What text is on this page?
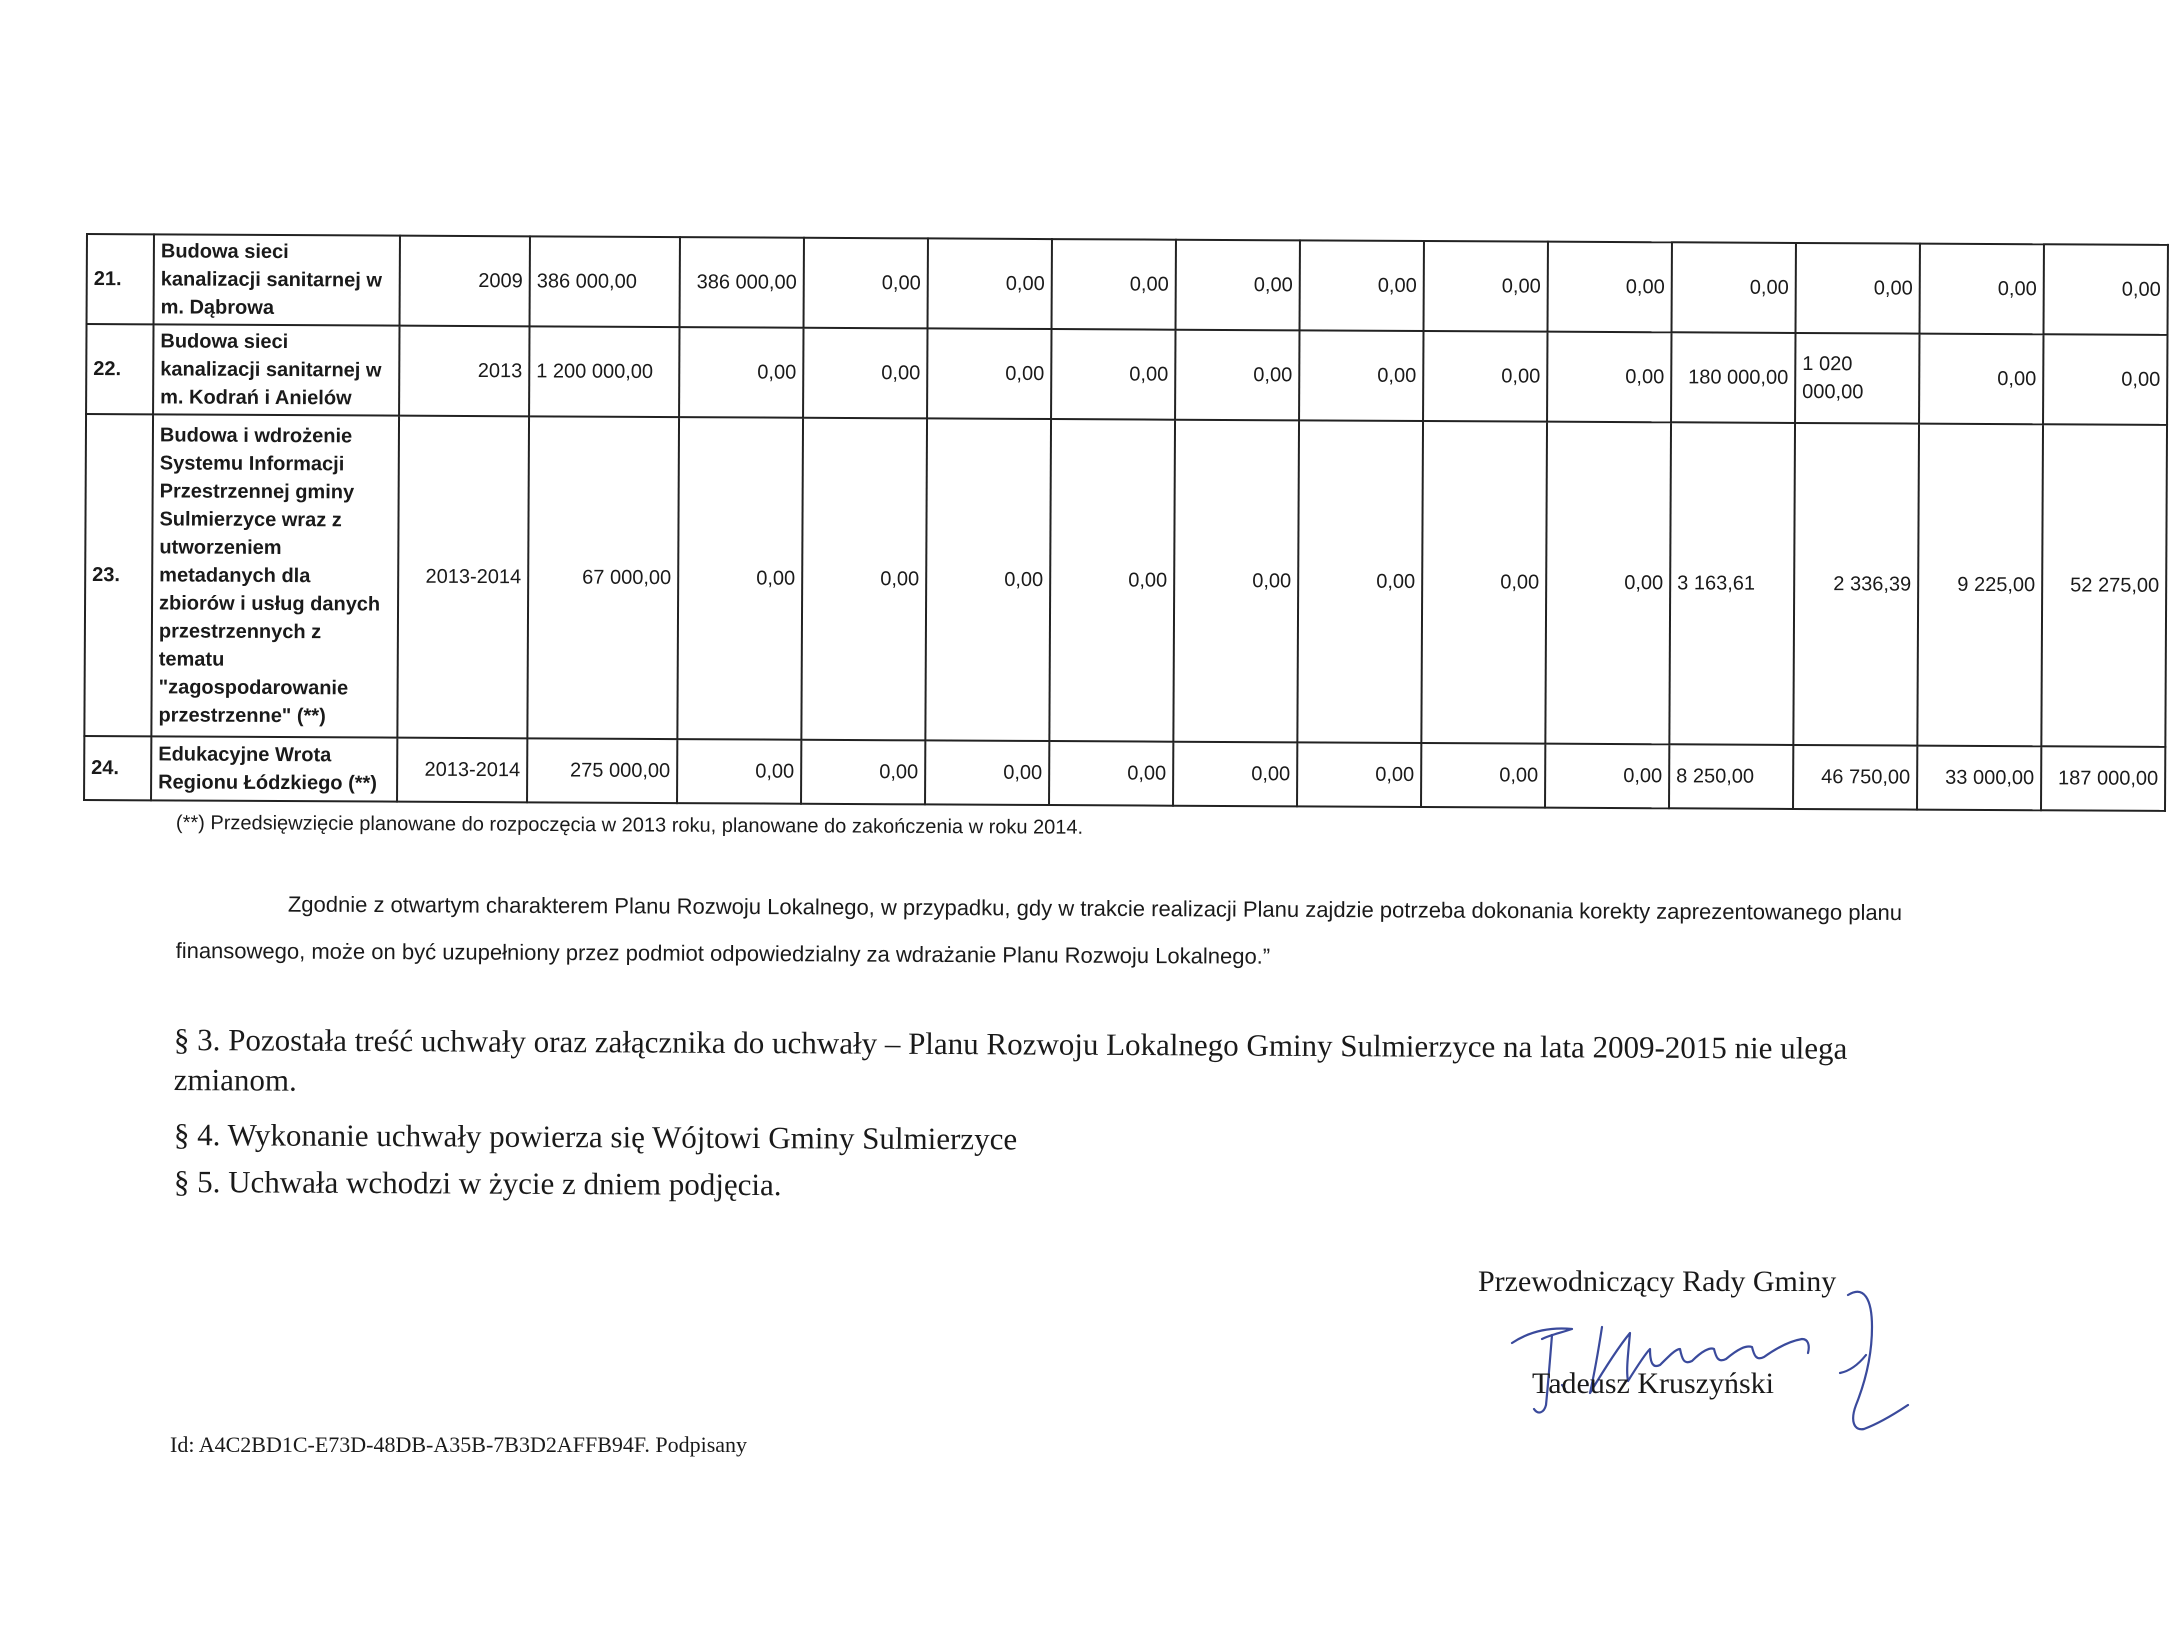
21.	Budowa sieci kanalizacji sanitarnej w m. Dąbrowa	2009	386 000,00	386 000,00	0,00	0,00	0,00	0,00	0,00	0,00	0,00	0,00	0,00	0,00	0,00
22.	Budowa sieci kanalizacji sanitarnej w m. Kodrań i Anielów	2013	1 200 000,00	0,00	0,00	0,00	0,00	0,00	0,00	0,00	0,00	180 000,00	1 020 000,00	0,00	0,00
23.	Budowa i wdrożenie Systemu Informacji Przestrzennej gminy Sulmierzyce wraz z utworzeniem metadanych dla zbiorów i usług danych przestrzennych z tematu "zagospodarowanie przestrzenne" (**)	2013-2014	67 000,00	0,00	0,00	0,00	0,00	0,00	0,00	0,00	0,00	3 163,61	2 336,39	9 225,00	52 275,00
24.	Edukacyjne Wrota Regionu Łódzkiego (**)	2013-2014	275 000,00	0,00	0,00	0,00	0,00	0,00	0,00	0,00	0,00	8 250,00	46 750,00	33 000,00	187 000,00
(**) Przedsięwzięcie planowane do rozpoczęcia w 2013 roku, planowane do zakończenia w roku 2014.
Zgodnie z otwartym charakterem Planu Rozwoju Lokalnego, w przypadku, gdy w trakcie realizacji Planu zajdzie potrzeba dokonania korekty zaprezentowanego planu finansowego, może on być uzupełniony przez podmiot odpowiedzialny za wdrażanie Planu Rozwoju Lokalnego.”
§ 3. Pozostała treść uchwały oraz załącznika do uchwały – Planu Rozwoju Lokalnego Gminy Sulmierzyce na lata 2009-2015 nie ulega zmianom.
§ 4. Wykonanie uchwały powierza się Wójtowi Gminy Sulmierzyce
§ 5. Uchwała wchodzi w życie z dniem podjęcia.
Przewodniczący Rady Gminy
Tadeusz Kruszyński
Id: A4C2BD1C-E73D-48DB-A35B-7B3D2AFFB94F. Podpisany
